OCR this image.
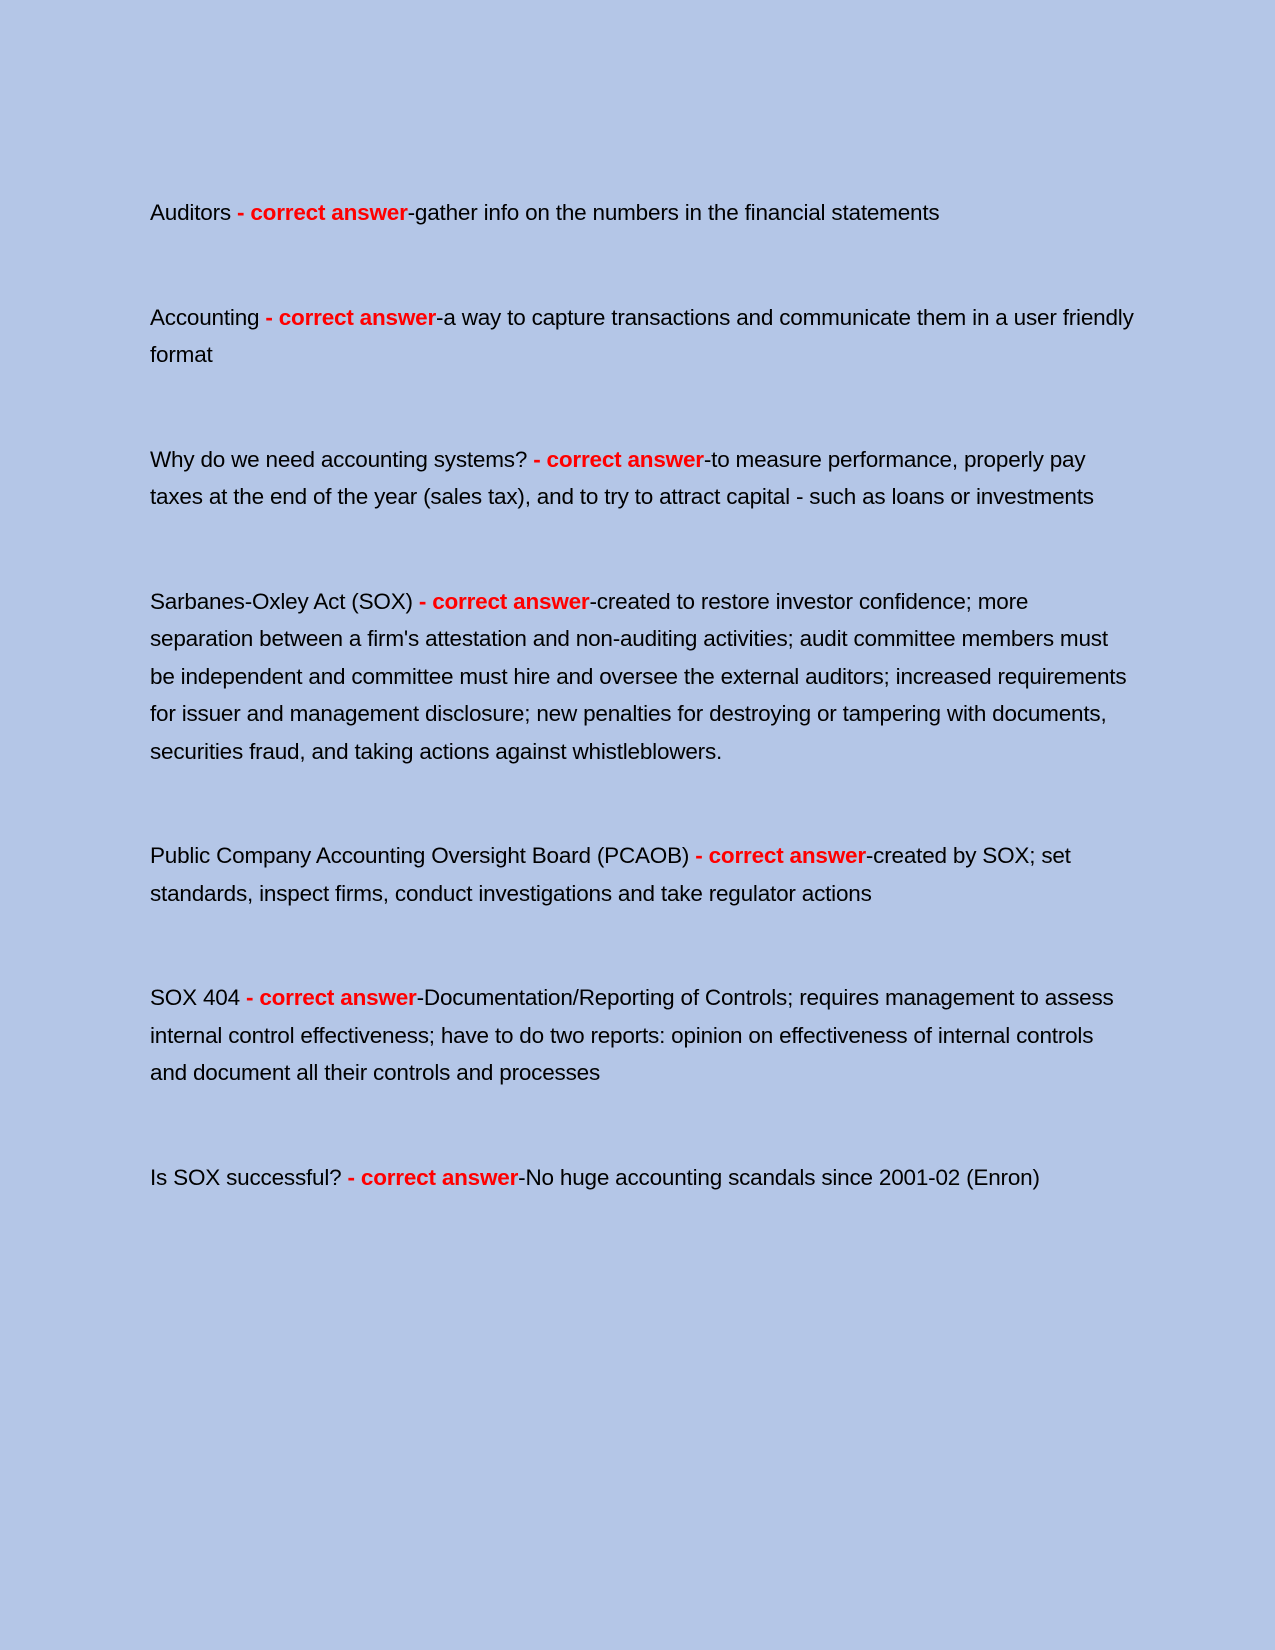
Auditors - correct answer-gather info on the numbers in the financial statements

Accounting - correct answer-a way to capture transactions and communicate them in a user friendly format

Why do we need accounting systems? - correct answer-to measure performance, properly pay taxes at the end of the year (sales tax), and to try to attract capital - such as loans or investments

Sarbanes-Oxley Act (SOX) - correct answer-created to restore investor confidence; more separation between a firm's attestation and non-auditing activities; audit committee members must be independent and committee must hire and oversee the external auditors; increased requirements for issuer and management disclosure; new penalties for destroying or tampering with documents, securities fraud, and taking actions against whistleblowers.

Public Company Accounting Oversight Board (PCAOB) - correct answer-created by SOX; set standards, inspect firms, conduct investigations and take regulator actions

SOX 404 - correct answer-Documentation/Reporting of Controls; requires management to assess internal control effectiveness; have to do two reports: opinion on effectiveness of internal controls and document all their controls and processes

Is SOX successful? - correct answer-No huge accounting scandals since 2001-02 (Enron)
